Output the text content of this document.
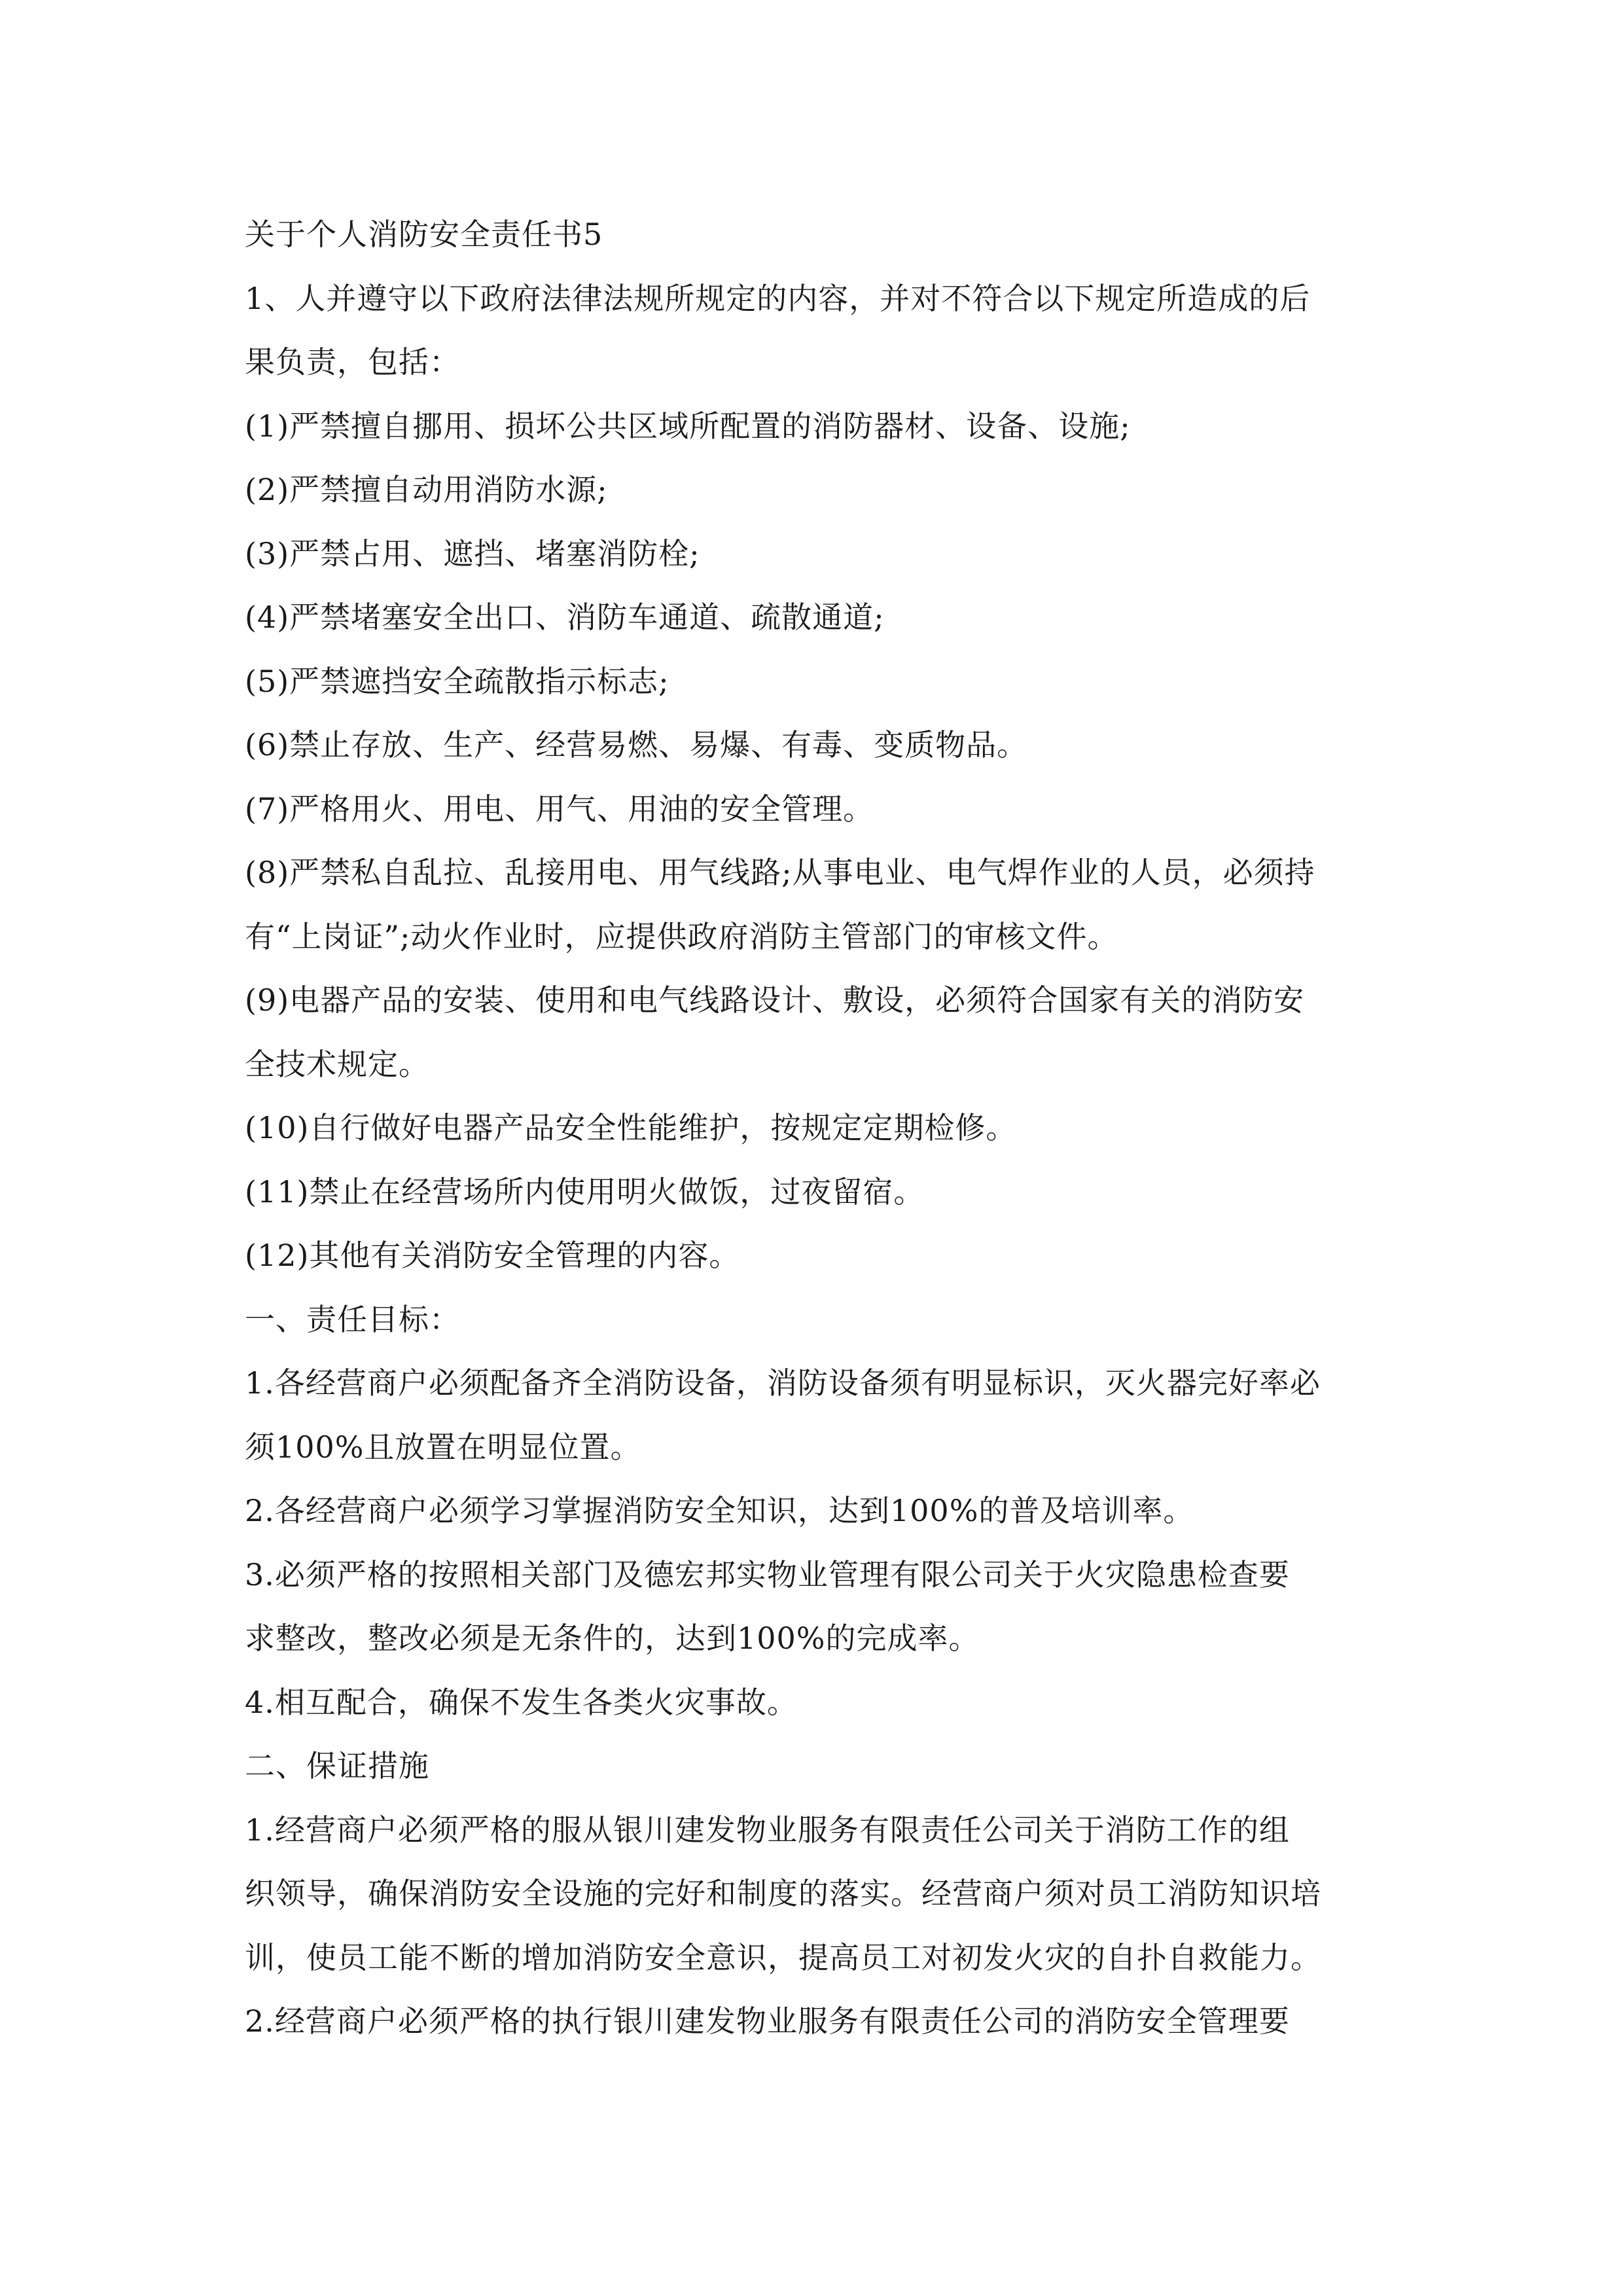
关于个人消防安全责任书5
1、人并遵守以下政府法律法规所规定的内容，并对不符合以下规定所造成的后
果负责，包括：
(1)严禁擅自挪用、损坏公共区域所配置的消防器材、设备、设施;
(2)严禁擅自动用消防水源;
(3)严禁占用、遮挡、堵塞消防栓;
(4)严禁堵塞安全出口、消防车通道、疏散通道;
(5)严禁遮挡安全疏散指示标志;
(6)禁止存放、生产、经营易燃、易爆、有毒、变质物品。
(7)严格用火、用电、用气、用油的安全管理。
(8)严禁私自乱拉、乱接用电、用气线路;从事电业、电气焊作业的人员，必须持
有“上岗证”;动火作业时，应提供政府消防主管部门的审核文件。
(9)电器产品的安装、使用和电气线路设计、敷设，必须符合国家有关的消防安
全技术规定。
(10)自行做好电器产品安全性能维护，按规定定期检修。
(11)禁止在经营场所内使用明火做饭，过夜留宿。
(12)其他有关消防安全管理的内容。
一、责任目标：
1.各经营商户必须配备齐全消防设备，消防设备须有明显标识，灭火器完好率必
须100%且放置在明显位置。
2.各经营商户必须学习掌握消防安全知识，达到100%的普及培训率。
3.必须严格的按照相关部门及德宏邦实物业管理有限公司关于火灾隐患检查要
求整改，整改必须是无条件的，达到100%的完成率。
4.相互配合，确保不发生各类火灾事故。
二、保证措施
1.经营商户必须严格的服从银川建发物业服务有限责任公司关于消防工作的组
织领导，确保消防安全设施的完好和制度的落实。经营商户须对员工消防知识培
训，使员工能不断的增加消防安全意识，提高员工对初发火灾的自扑自救能力。
2.经营商户必须严格的执行银川建发物业服务有限责任公司的消防安全管理要
